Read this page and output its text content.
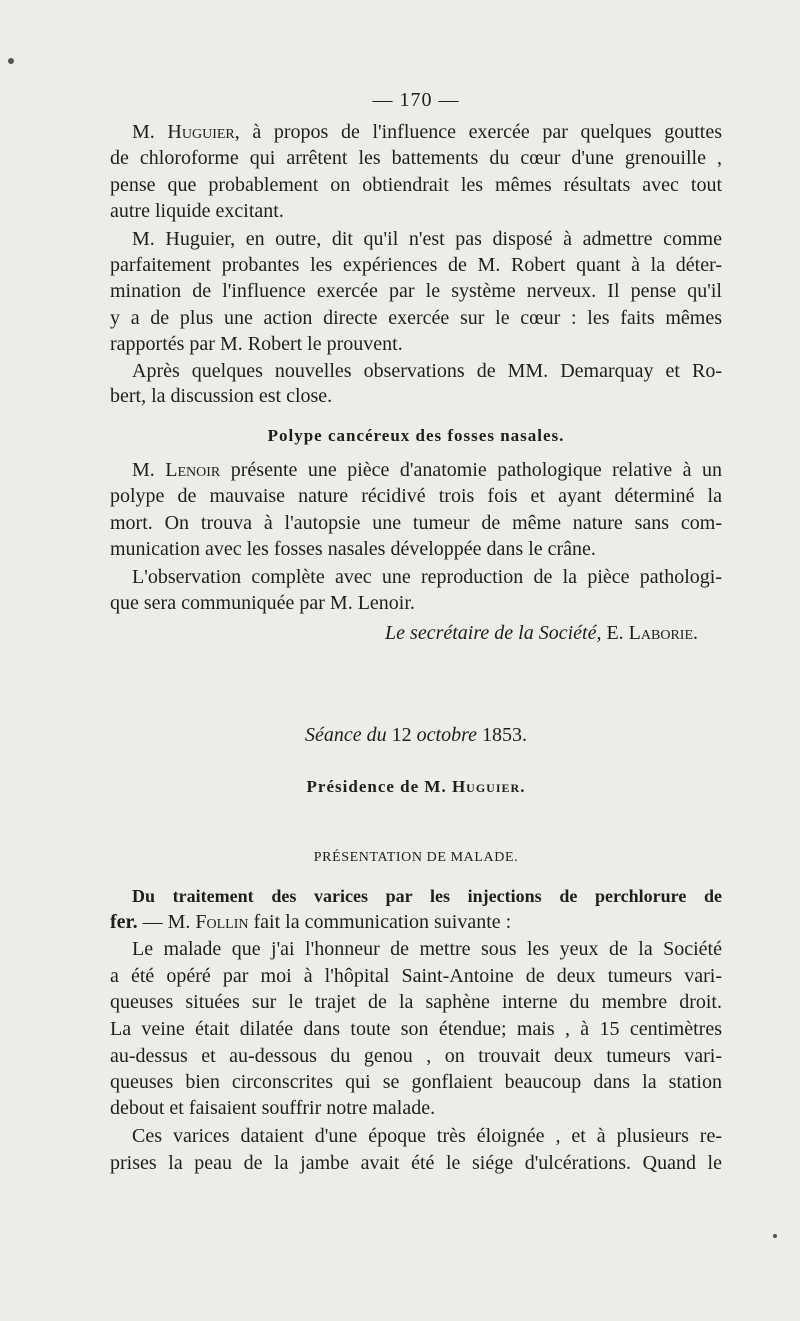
— 170 —
M. Huguier, à propos de l'influence exercée par quelques gouttes
de chloroforme qui arrêtent les battements du cœur d'une grenouille ,
pense que probablement on obtiendrait les mêmes résultats avec tout
autre liquide excitant.
M. Huguier, en outre, dit qu'il n'est pas disposé à admettre comme
parfaitement probantes les expériences de M. Robert quant à la déter-
mination de l'influence exercée par le système nerveux. Il pense qu'il
y a de plus une action directe exercée sur le cœur : les faits mêmes
rapportés par M. Robert le prouvent.
Après quelques nouvelles observations de MM. Demarquay et Ro-
bert, la discussion est close.
Polype cancéreux des fosses nasales.
M. Lenoir présente une pièce d'anatomie pathologique relative à un
polype de mauvaise nature récidivé trois fois et ayant déterminé la
mort. On trouva à l'autopsie une tumeur de même nature sans com-
munication avec les fosses nasales développée dans le crâne.
L'observation complète avec une reproduction de la pièce pathologi-
que sera communiquée par M. Lenoir.
Le secrétaire de la Société, E. Laborie.
Séance du 12 octobre 1853.
Présidence de M. Huguier.
PRÉSENTATION DE MALADE.
Du traitement des varices par les injections de perchlorure de
fer. — M. Follin fait la communication suivante :
Le malade que j'ai l'honneur de mettre sous les yeux de la Société
a été opéré par moi à l'hôpital Saint-Antoine de deux tumeurs vari-
queuses situées sur le trajet de la saphène interne du membre droit.
La veine était dilatée dans toute son étendue; mais , à 15 centimètres
au-dessus et au-dessous du genou , on trouvait deux tumeurs vari-
queuses bien circonscrites qui se gonflaient beaucoup dans la station
debout et faisaient souffrir notre malade.
Ces varices dataient d'une époque très éloignée , et à plusieurs re-
prises la peau de la jambe avait été le siége d'ulcérations. Quand le
